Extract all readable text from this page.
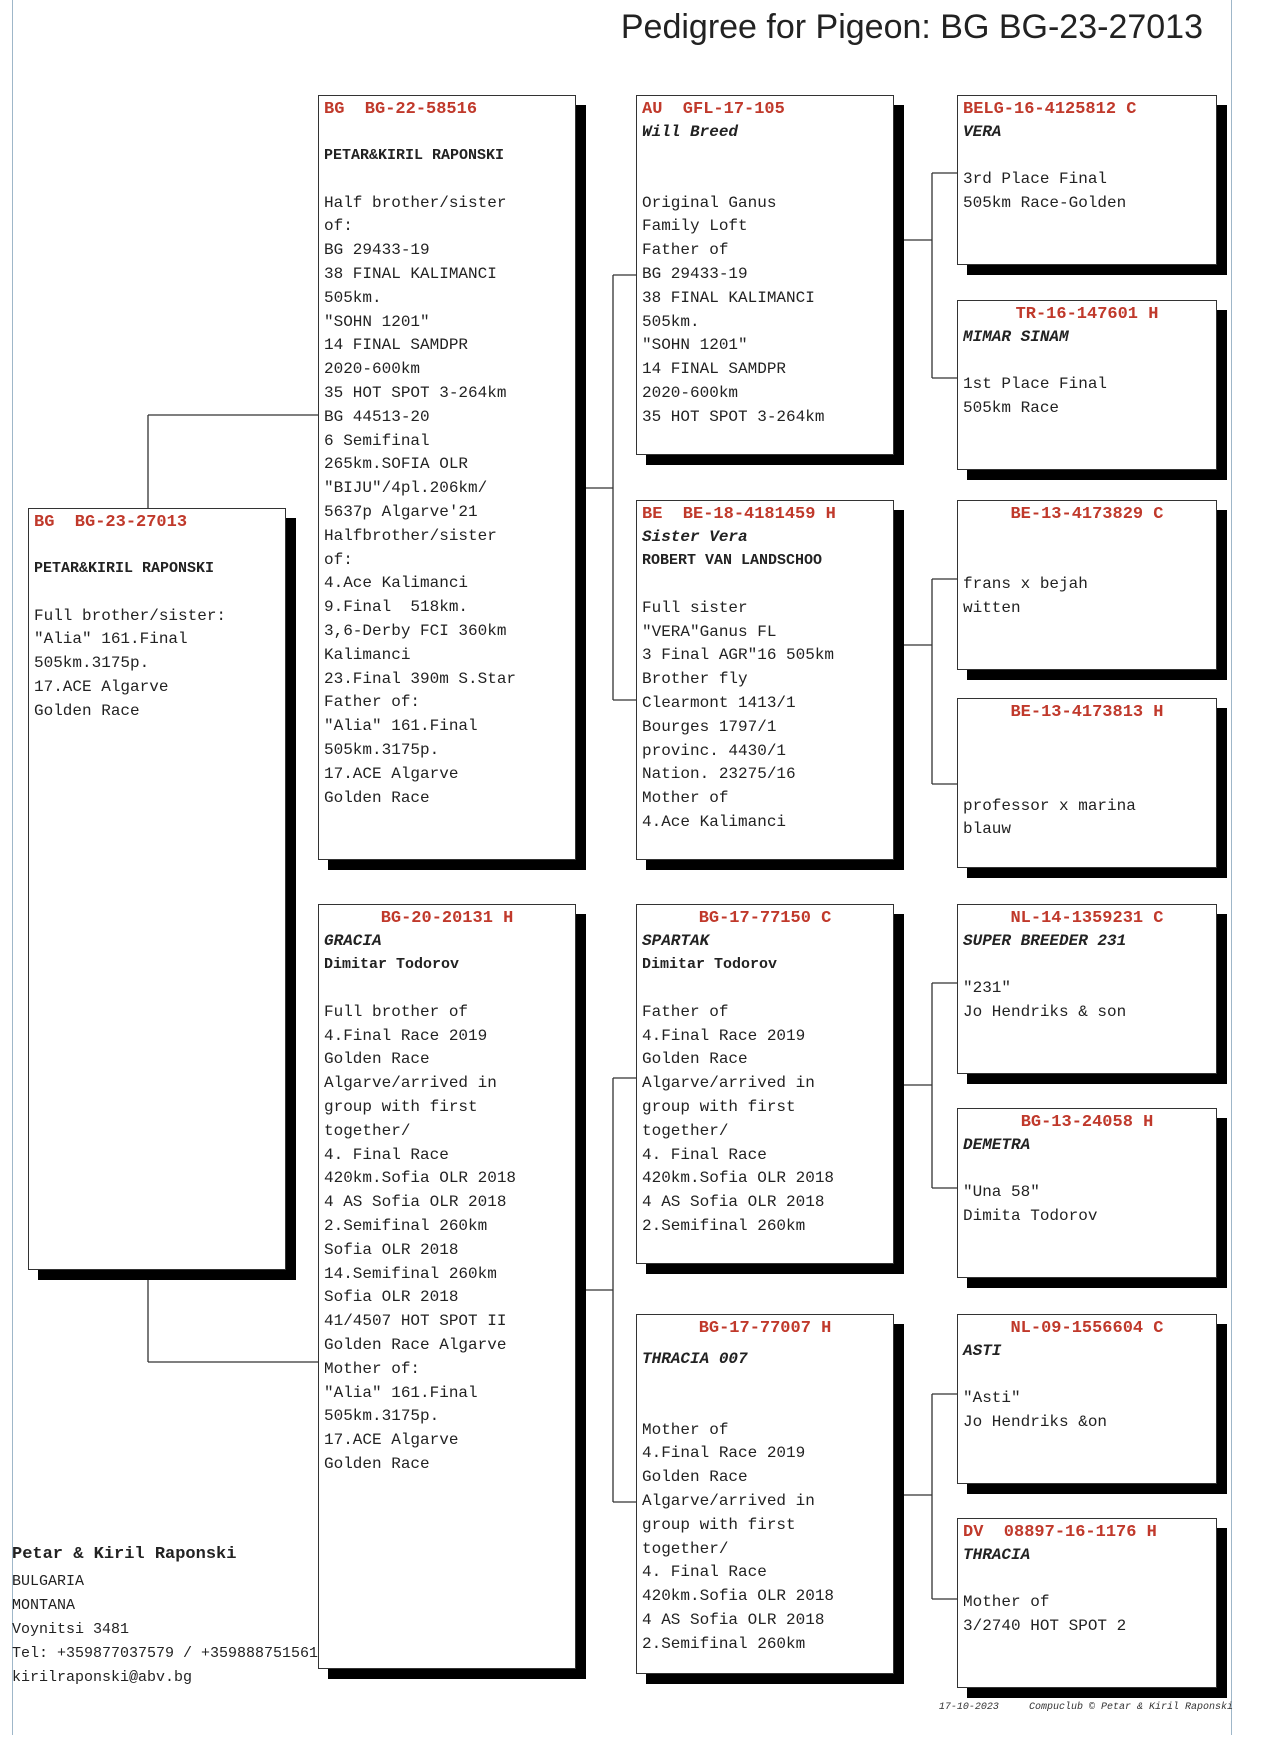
Pedigree for Pigeon: BG BG-23-27013
BG  BG-23-27013
PETAR&KIRIL RAPONSKI
Full brother/sister:
"Alia" 161.Final
505km.3175p.
17.ACE Algarve
Golden Race
BG  BG-22-58516
PETAR&KIRIL RAPONSKI
Half brother/sister
of:
BG 29433-19
38 FINAL KALIMANCI
505km.
"SOHN 1201"
14 FINAL SAMDPR
2020-600km
35 HOT SPOT 3-264km
BG 44513-20
6 Semifinal
265km.SOFIA OLR
"BIJU"/4pl.206km/
5637p Algarve'21
Halfbrother/sister
of:
4.Ace Kalimanci
9.Final  518km.
3,6-Derby FCI 360km
Kalimanci
23.Final 390m S.Star
Father of:
"Alia" 161.Final
505km.3175p.
17.ACE Algarve
Golden Race
BG-20-20131 H
GRACIA
Dimitar Todorov
Full brother of
4.Final Race 2019
Golden Race
Algarve/arrived in
group with first
together/
4. Final Race
420km.Sofia OLR 2018
4 AS Sofia OLR 2018
2.Semifinal 260km
Sofia OLR 2018
14.Semifinal 260km
Sofia OLR 2018
41/4507 HOT SPOT II
Golden Race Algarve
Mother of:
"Alia" 161.Final
505km.3175p.
17.ACE Algarve
Golden Race
AU  GFL-17-105
Will Breed
Original Ganus
Family Loft
Father of
BG 29433-19
38 FINAL KALIMANCI
505km.
"SOHN 1201"
14 FINAL SAMDPR
2020-600km
35 HOT SPOT 3-264km
BE  BE-18-4181459 H
Sister Vera
ROBERT VAN LANDSCHOO
Full sister
"VERA"Ganus FL
3 Final AGR"16 505km
Brother fly
Clearmont 1413/1
Bourges 1797/1
provinc. 4430/1
Nation. 23275/16
Mother of
4.Ace Kalimanci
BG-17-77150 C
SPARTAK
Dimitar Todorov
Father of
4.Final Race 2019
Golden Race
Algarve/arrived in
group with first
together/
4. Final Race
420km.Sofia OLR 2018
4 AS Sofia OLR 2018
2.Semifinal 260km
BG-17-77007 H
THRACIA 007
Mother of
4.Final Race 2019
Golden Race
Algarve/arrived in
group with first
together/
4. Final Race
420km.Sofia OLR 2018
4 AS Sofia OLR 2018
2.Semifinal 260km
BELG-16-4125812 C
VERA
3rd Place Final
505km Race-Golden
TR-16-147601 H
MIMAR SINAM
1st Place Final
505km Race
BE-13-4173829 C
frans x bejah
witten
BE-13-4173813 H
professor x marina
blauw
NL-14-1359231 C
SUPER BREEDER 231
"231"
Jo Hendriks & son
BG-13-24058 H
DEMETRA
"Una 58"
Dimita Todorov
NL-09-1556604 C
ASTI
"Asti"
Jo Hendriks &on
DV  08897-16-1176 H
THRACIA
Mother of
3/2740 HOT SPOT 2
Petar & Kiril Raponski
BULGARIA
MONTANA
Voynitsi 3481
Tel: +359877037579 / +359888751561
kirilraponski@abv.bg
17-10-2023	Compuclub © Petar & Kiril Raponski
